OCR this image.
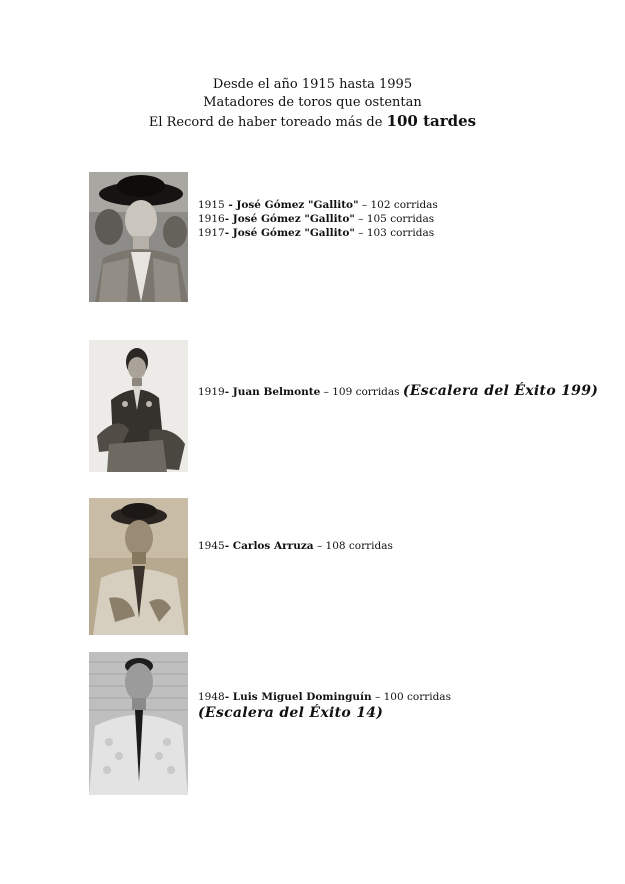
Desde el año 1915 hasta 1995
Matadores de toros que ostentan
El Record de haber toreado más de 100 tardes
1915 - José Gómez "Gallito" – 102 corridas
1916- José Gómez "Gallito" – 105 corridas
1917- José Gómez "Gallito" – 103 corridas
1919- Juan Belmonte – 109 corridas (Escalera del Éxito 199)
1945- Carlos Arruza – 108 corridas
1948- Luis Miguel Dominguín – 100 corridas
(Escalera del Éxito 14)
